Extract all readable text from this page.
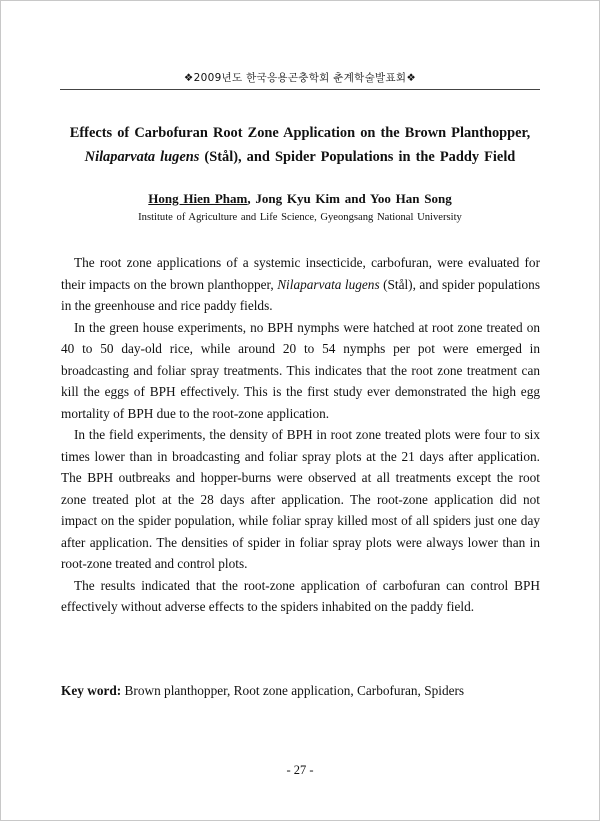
❖2009년도 한국응용곤충학회 춘계학술발표회❖
Effects of Carbofuran Root Zone Application on the Brown Planthopper,
Nilaparvata lugens (Stål), and Spider Populations in the Paddy Field
Hong Hien Pham, Jong Kyu Kim and Yoo Han Song
Institute of Agriculture and Life Science, Gyeongsang National University

The root zone applications of a systemic insecticide, carbofuran, were evaluated for their impacts on the brown planthopper, Nilaparvata lugens (Stål), and spider populations in the greenhouse and rice paddy fields.

In the green house experiments, no BPH nymphs were hatched at root zone treated on 40 to 50 day-old rice, while around 20 to 54 nymphs per pot were emerged in broadcasting and foliar spray treatments. This indicates that the root zone treatment can kill the eggs of BPH effectively. This is the first study ever demonstrated the high egg mortality of BPH due to the root-zone application.

In the field experiments, the density of BPH in root zone treated plots were four to six times lower than in broadcasting and foliar spray plots at the 21 days after application. The BPH outbreaks and hopper-burns were observed at all treatments except the root zone treated plot at the 28 days after application. The root-zone application did not impact on the spider population, while foliar spray killed most of all spiders just one day after application. The densities of spider in foliar spray plots were always lower than in root-zone treated and control plots.

The results indicated that the root-zone application of carbofuran can control BPH effectively without adverse effects to the spiders inhabited on the paddy field.

Key word: Brown planthopper, Root zone application, Carbofuran, Spiders
- 27 -
